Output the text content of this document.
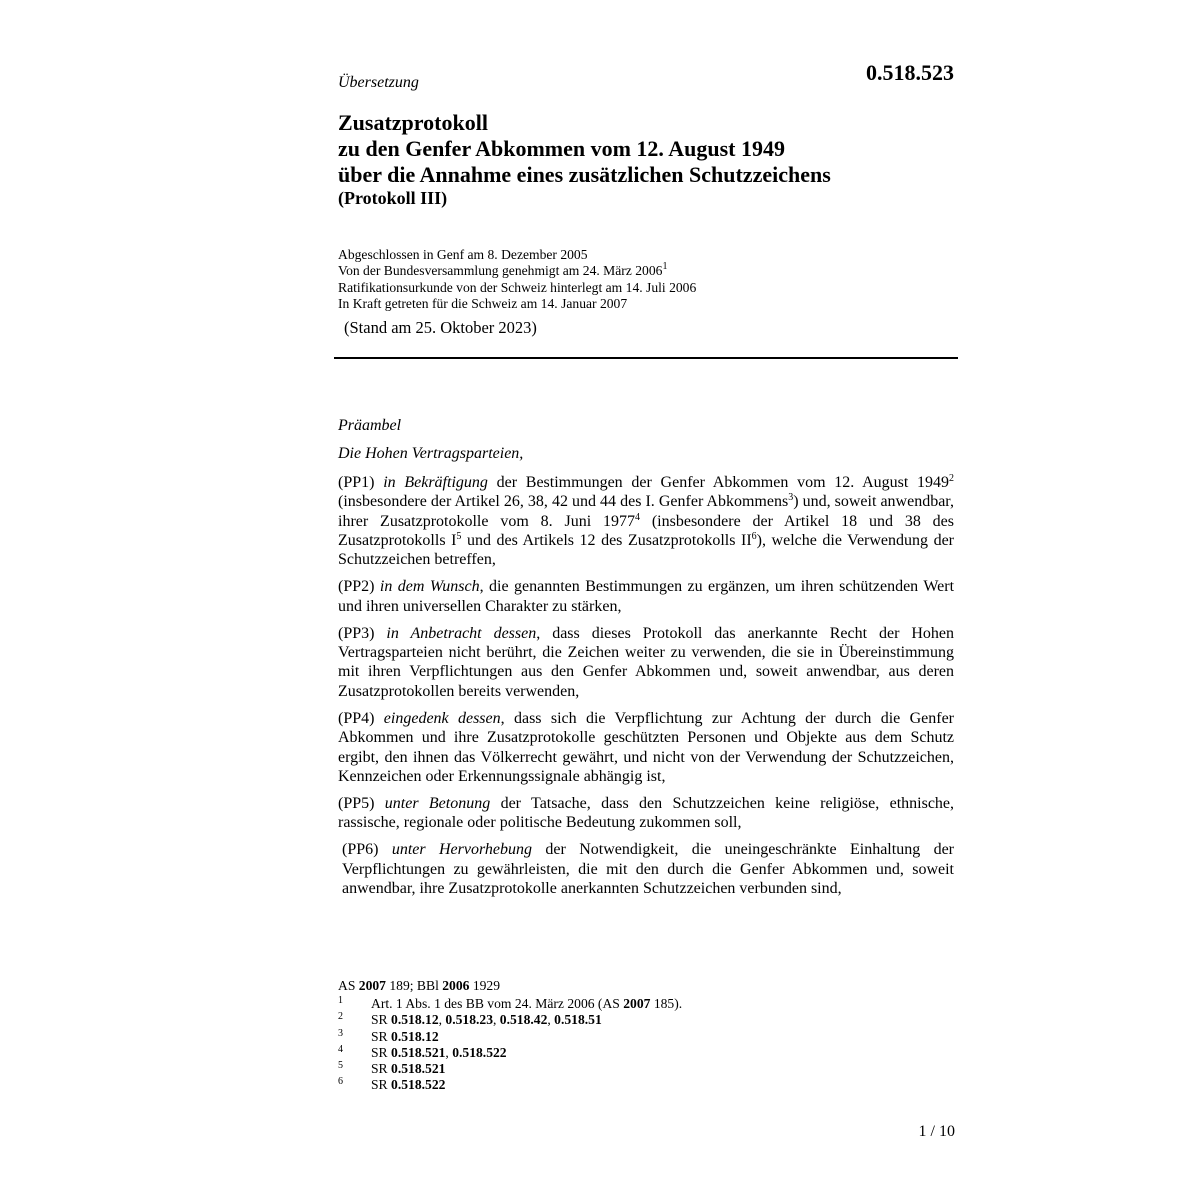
Übersetzung	0.518.523
Zusatzprotokoll
zu den Genfer Abkommen vom 12. August 1949
über die Annahme eines zusätzlichen Schutzzeichens
(Protokoll III)
Abgeschlossen in Genf am 8. Dezember 2005
Von der Bundesversammlung genehmigt am 24. März 2006$^1$
Ratifikationsurkunde von der Schweiz hinterlegt am 14. Juli 2006
In Kraft getreten für die Schweiz am 14. Januar 2007
(Stand am 25. Oktober 2023)

Präambel

Die Hohen Vertragsparteien,

(PP1) in Bekräftigung der Bestimmungen der Genfer Abkommen vom 12. August 1949$^2$ (insbesondere der Artikel 26, 38, 42 und 44 des I. Genfer Abkommens$^3$) und, soweit anwendbar, ihrer Zusatzprotokolle vom 8. Juni 1977$^4$ (insbesondere der Artikel 18 und 38 des Zusatzprotokolls $I^5$ und des Artikels 12 des Zusatzprotokolls $II^6$), welche die Verwendung der Schutzzeichen betreffen,

(PP2) in dem Wunsch, die genannten Bestimmungen zu ergänzen, um ihren schützenden Wert und ihren universellen Charakter zu stärken,

(PP3) in Anbetracht dessen, dass dieses Protokoll das anerkannte Recht der Hohen Vertragsparteien nicht berührt, die Zeichen weiter zu verwenden, die sie in Übereinstimmung mit ihren Verpflichtungen aus den Genfer Abkommen und, soweit anwendbar, aus deren Zusatzprotokollen bereits verwenden,

(PP4) eingedenk dessen, dass sich die Verpflichtung zur Achtung der durch die Genfer Abkommen und ihre Zusatzprotokolle geschützten Personen und Objekte aus dem Schutz ergibt, den ihnen das Völkerrecht gewährt, und nicht von der Verwendung der Schutzzeichen, Kennzeichen oder Erkennungssignale abhängig ist,

(PP5) unter Betonung der Tatsache, dass den Schutzzeichen keine religiöse, ethnische, rassische, regionale oder politische Bedeutung zukommen soll,

(PP6) unter Hervorhebung der Notwendigkeit, die uneingeschränkte Einhaltung der Verpflichtungen zu gewährleisten, die mit den durch die Genfer Abkommen und, soweit anwendbar, ihre Zusatzprotokolle anerkannten Schutzzeichen verbunden sind,

AS 2007 189; BBl 2006 1929
1	Art. 1 Abs. 1 des BB vom 24. März 2006 (AS 2007 185).
2	SR 0.518.12, 0.518.23, 0.518.42, 0.518.51
3	SR 0.518.12
4	SR 0.518.521, 0.518.522
5	SR 0.518.521
6	SR 0.518.522
1 / 10
